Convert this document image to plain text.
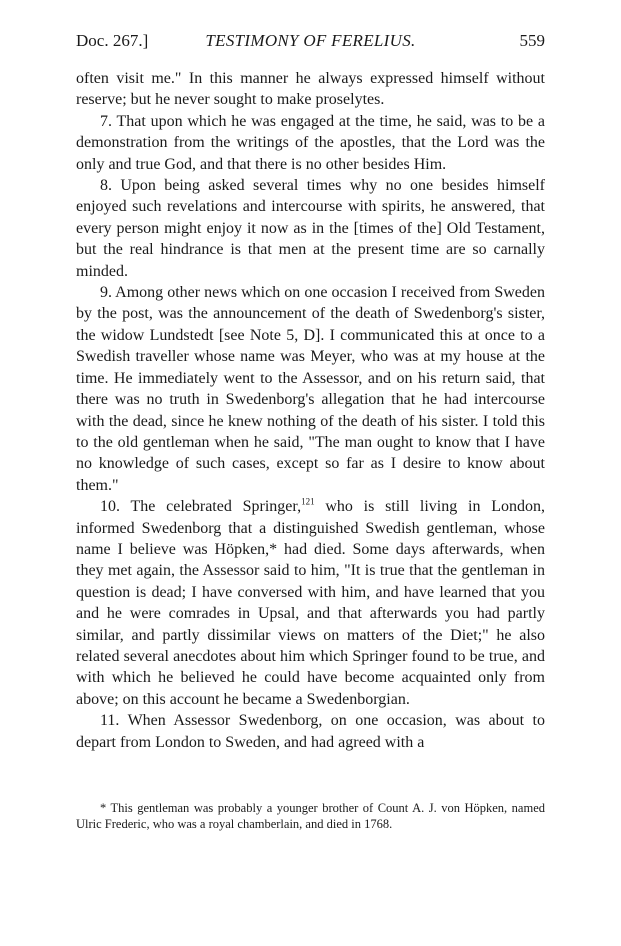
Doc. 267.]	TESTIMONY OF FERELIUS.	559

often visit me." In this manner he always expressed himself without reserve; but he never sought to make proselytes.

7. That upon which he was engaged at the time, he said, was to be a demonstration from the writings of the apostles, that the Lord was the only and true God, and that there is no other besides Him.

8. Upon being asked several times why no one besides himself enjoyed such revelations and intercourse with spirits, he answered, that every person might enjoy it now as in the [times of the] Old Testament, but the real hindrance is that men at the present time are so carnally minded.

9. Among other news which on one occasion I received from Sweden by the post, was the announcement of the death of Swedenborg's sister, the widow Lundstedt [see Note 5, D]. I communicated this at once to a Swedish traveller whose name was Meyer, who was at my house at the time. He immediately went to the Assessor, and on his return said, that there was no truth in Swedenborg's allegation that he had intercourse with the dead, since he knew nothing of the death of his sister. I told this to the old gentleman when he said, "The man ought to know that I have no knowledge of such cases, except so far as I desire to know about them."

10. The celebrated Springer,$^{121}$ who is still living in London, informed Swedenborg that a distinguished Swedish gentleman, whose name I believe was Höpken,* had died. Some days afterwards, when they met again, the Assessor said to him, "It is true that the gentleman in question is dead; I have conversed with him, and have learned that you and he were comrades in Upsal, and that afterwards you had partly similar, and partly dissimilar views on matters of the Diet;" he also related several anecdotes about him which Springer found to be true, and with which he believed he could have become acquainted only from above; on this account he became a Swedenborgian.

11. When Assessor Swedenborg, on one occasion, was about to depart from London to Sweden, and had agreed with a

* This gentleman was probably a younger brother of Count A. J. von Höpken, named Ulric Frederic, who was a royal chamberlain, and died in 1768.
